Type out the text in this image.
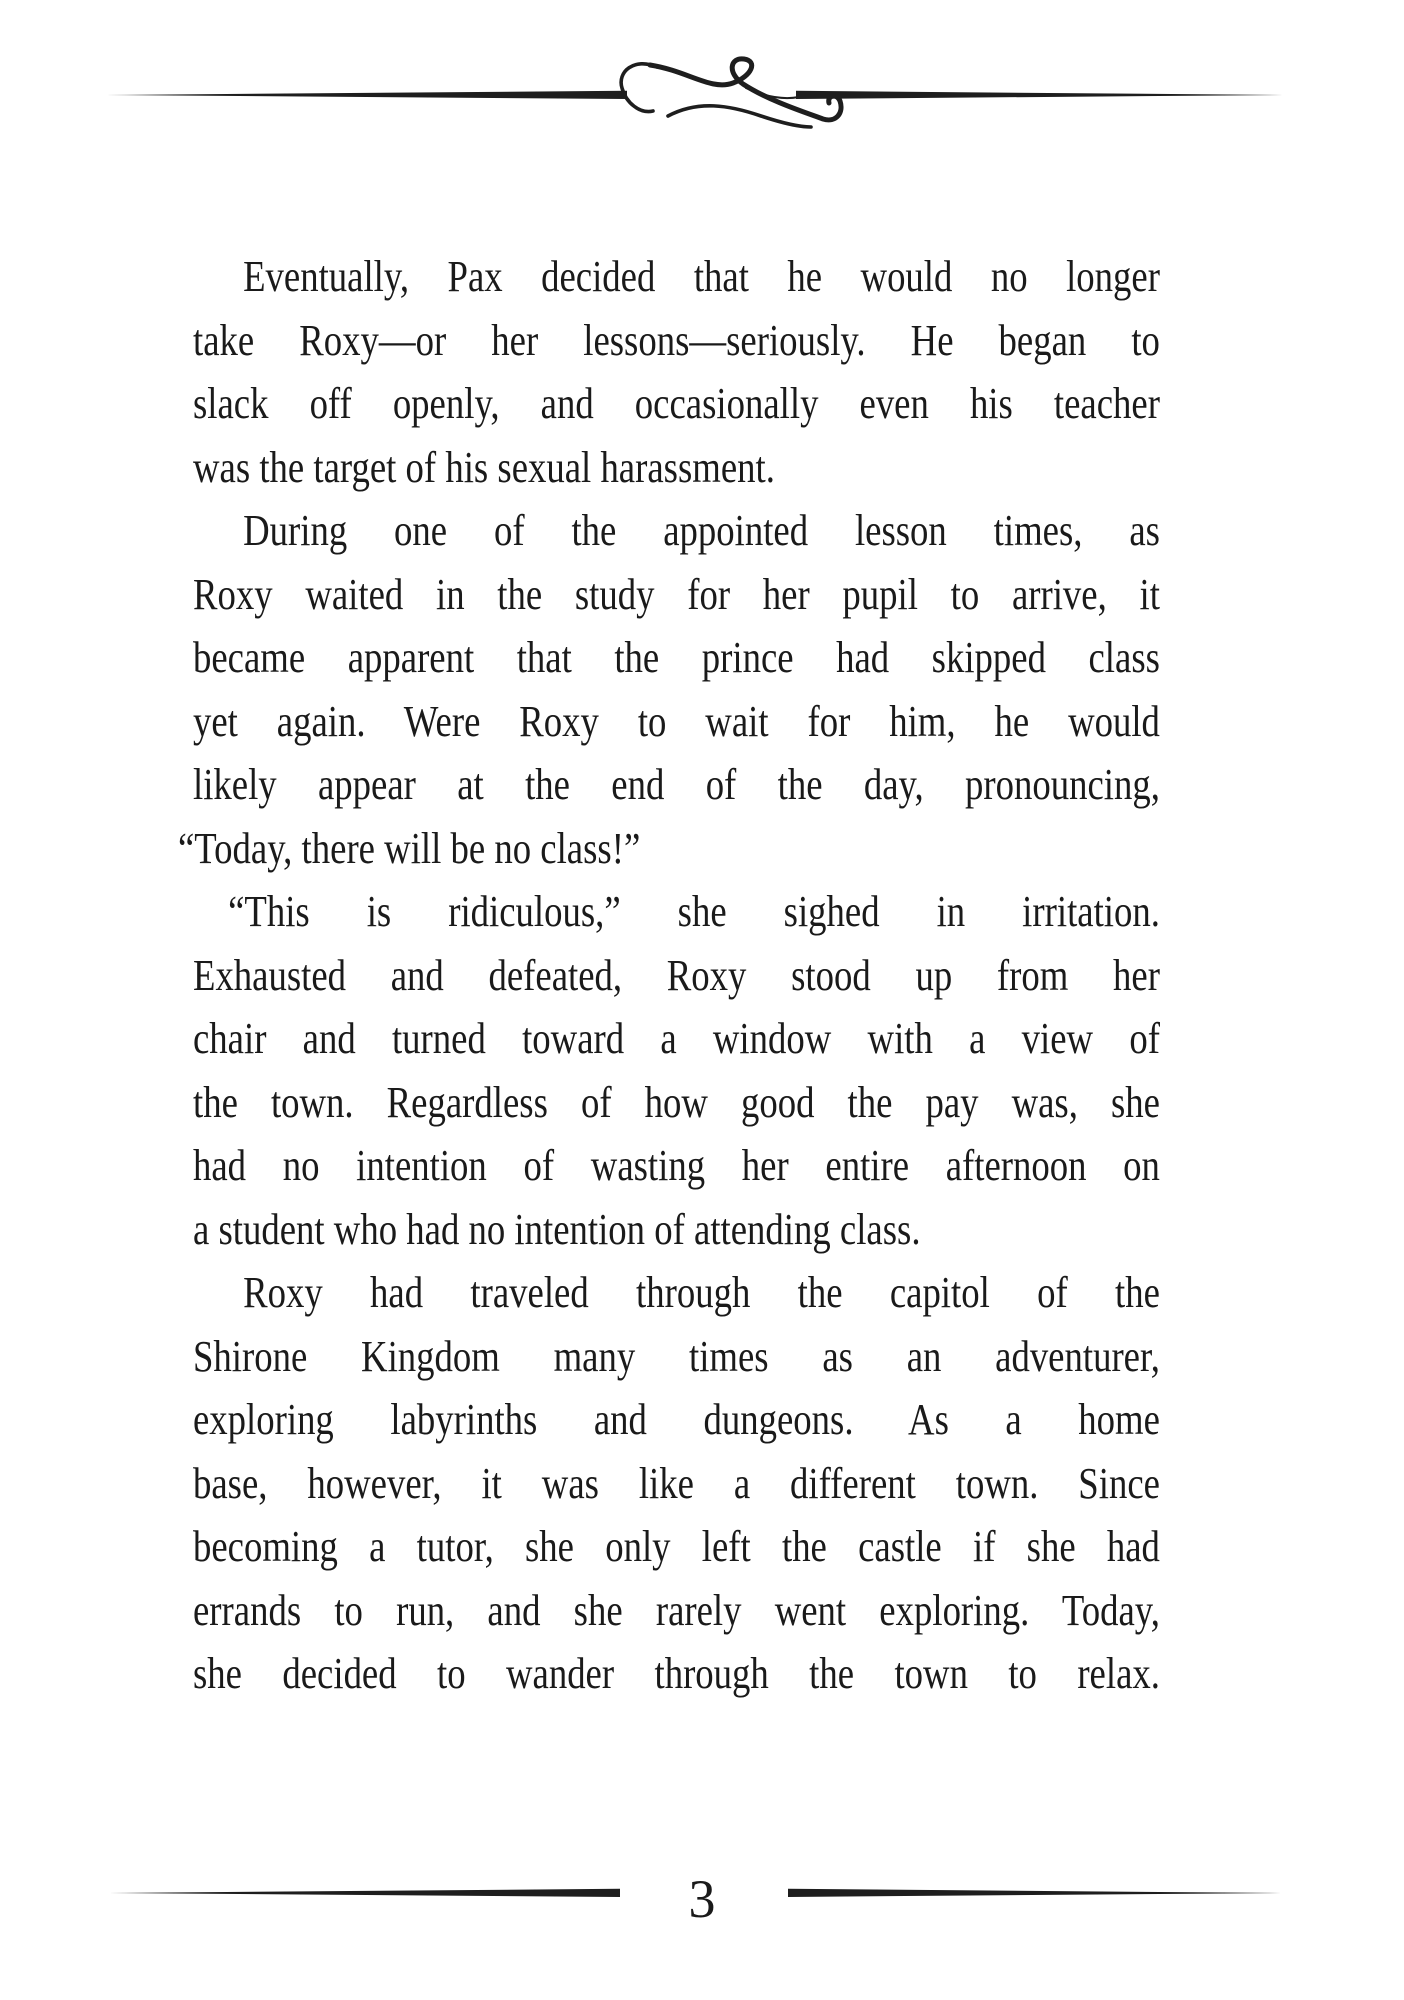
Eventually, Pax decided that he would no longer

take Roxy—or her lessons—seriously. He began to

slack off openly, and occasionally even his teacher

was the target of his sexual harassment.

During one of the appointed lesson times, as

Roxy waited in the study for her pupil to arrive, it

became apparent that the prince had skipped class

yet again. Were Roxy to wait for him, he would

likely appear at the end of the day, pronouncing,

“Today, there will be no class!”

“This is ridiculous,” she sighed in irritation.

Exhausted and defeated, Roxy stood up from her

chair and turned toward a window with a view of

the town. Regardless of how good the pay was, she

had no intention of wasting her entire afternoon on

a student who had no intention of attending class.

Roxy had traveled through the capitol of the

Shirone Kingdom many times as an adventurer,

exploring labyrinths and dungeons. As a home

base, however, it was like a different town. Since

becoming a tutor, she only left the castle if she had

errands to run, and she rarely went exploring. Today,

she decided to wander through the town to relax.

3
